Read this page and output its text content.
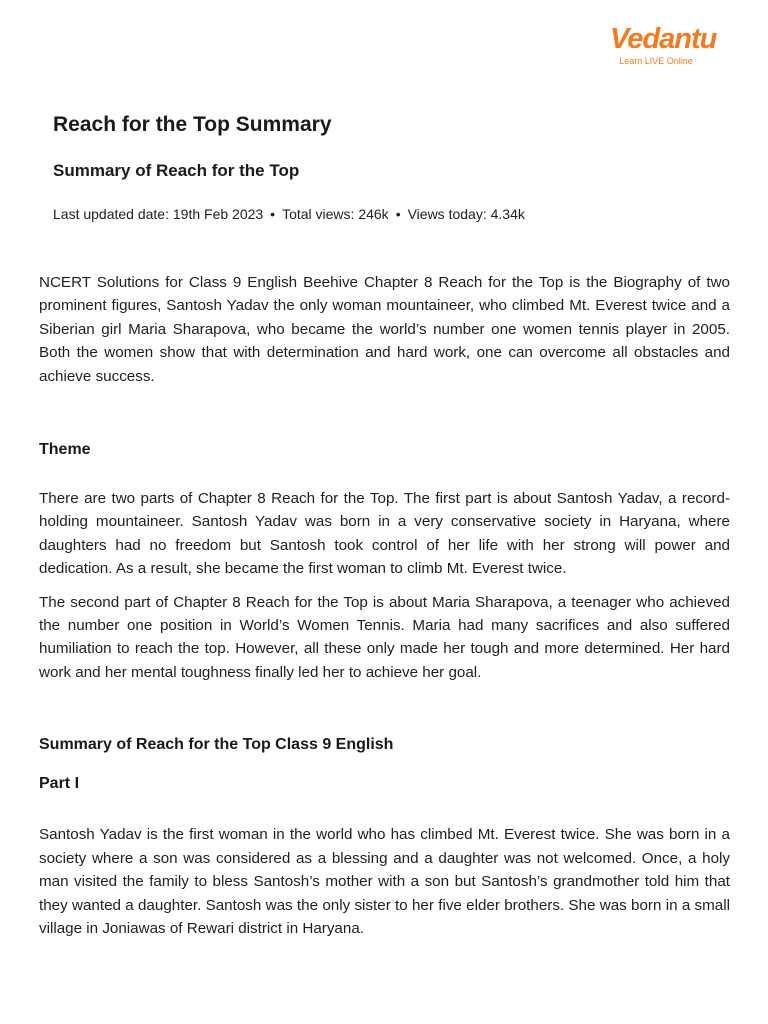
Vedantu
Learn LIVE Online
Reach for the Top Summary
Summary of Reach for the Top
Last updated date: 19th Feb 2023 • Total views: 246k • Views today: 4.34k

NCERT Solutions for Class 9 English Beehive Chapter 8 Reach for the Top is the Biography of two prominent figures, Santosh Yadav the only woman mountaineer, who climbed Mt. Everest twice and a Siberian girl Maria Sharapova, who became the world’s number one women tennis player in 2005. Both the women show that with determination and hard work, one can overcome all obstacles and achieve success.

Theme

There are two parts of Chapter 8 Reach for the Top. The first part is about Santosh Yadav, a record-holding mountaineer. Santosh Yadav was born in a very conservative society in Haryana, where daughters had no freedom but Santosh took control of her life with her strong will power and dedication. As a result, she became the first woman to climb Mt. Everest twice.

The second part of Chapter 8 Reach for the Top is about Maria Sharapova, a teenager who achieved the number one position in World’s Women Tennis. Maria had many sacrifices and also suffered humiliation to reach the top. However, all these only made her tough and more determined. Her hard work and her mental toughness finally led her to achieve her goal.

Summary of Reach for the Top Class 9 English
Part I

Santosh Yadav is the first woman in the world who has climbed Mt. Everest twice. She was born in a society where a son was considered as a blessing and a daughter was not welcomed. Once, a holy man visited the family to bless Santosh’s mother with a son but Santosh’s grandmother told him that they wanted a daughter. Santosh was the only sister to her five elder brothers. She was born in a small village in Joniawas of Rewari district in Haryana.
